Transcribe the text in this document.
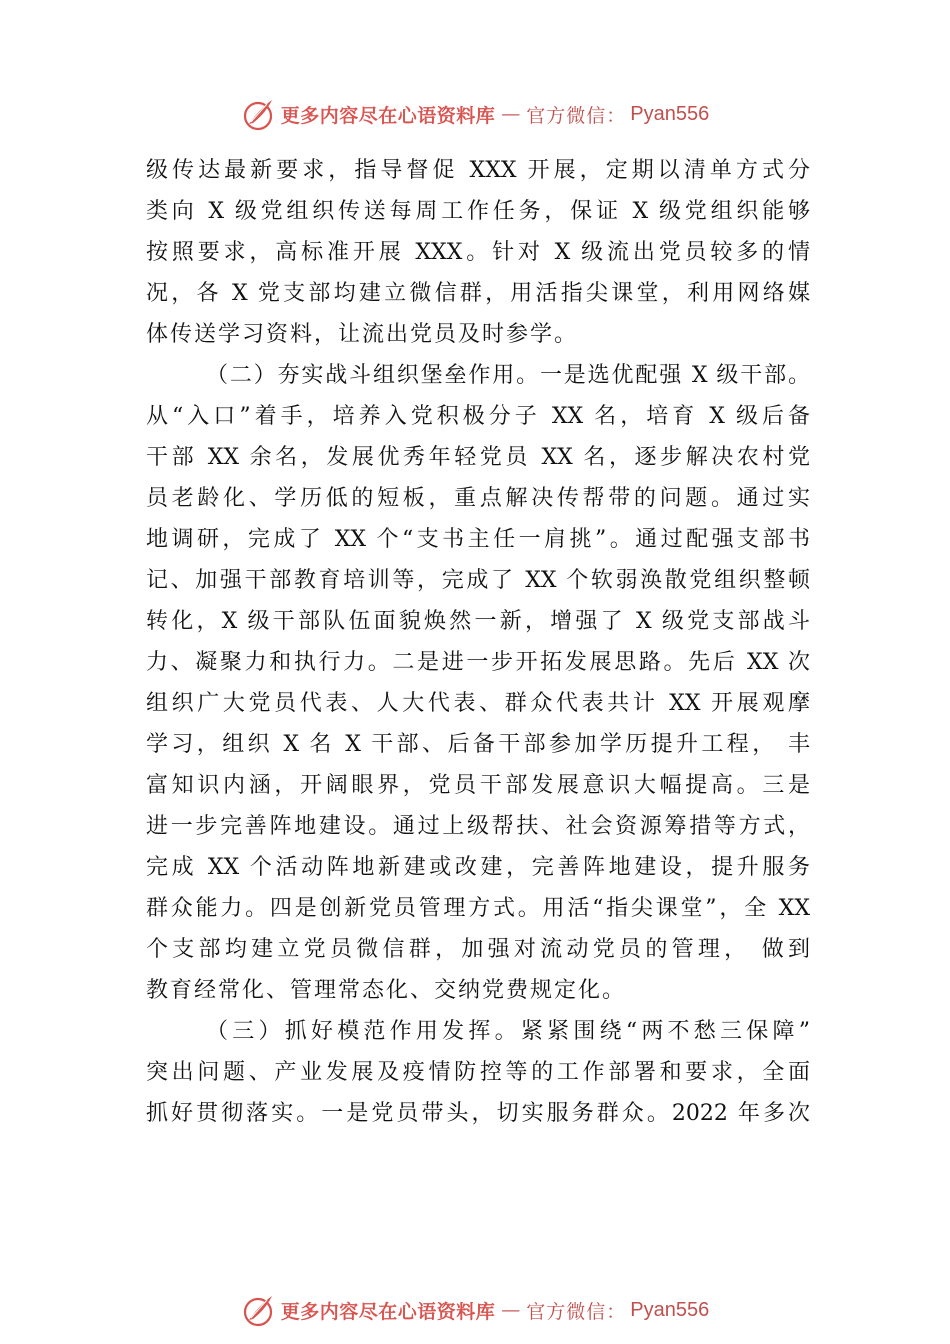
更多内容尽在心语资料库 — 官方微信： Pyan556
级传达最新要求，指导督促 XXX 开展，定期以清单方式分
类向 X 级党组织传送每周工作任务，保证 X 级党组织能够
按照要求，高标准开展 XXX。针对 X 级流出党员较多的情
况，各 X 党支部均建立微信群，用活指尖课堂，利用网络媒
体传送学习资料，让流出党员及时参学。
（二）夯实战斗组织堡垒作用。一是选优配强 X 级干部。
从“入口”着手，培养入党积极分子 XX 名，培育 X 级后备
干部 XX 余名，发展优秀年轻党员 XX 名，逐步解决农村党
员老龄化、学历低的短板，重点解决传帮带的问题。通过实
地调研，完成了 XX 个“支书主任一肩挑”。通过配强支部书
记、加强干部教育培训等，完成了 XX 个软弱涣散党组织整顿
转化，X 级干部队伍面貌焕然一新，增强了 X 级党支部战斗
力、凝聚力和执行力。二是进一步开拓发展思路。先后 XX 次
组织广大党员代表、人大代表、群众代表共计 XX 开展观摩
学习，组织 X 名 X 干部、后备干部参加学历提升工程， 丰
富知识内涵，开阔眼界，党员干部发展意识大幅提高。三是
进一步完善阵地建设。通过上级帮扶、社会资源筹措等方式，
完成 XX 个活动阵地新建或改建，完善阵地建设，提升服务
群众能力。四是创新党员管理方式。用活“指尖课堂”，全 XX
个支部均建立党员微信群，加强对流动党员的管理， 做到
教育经常化、管理常态化、交纳党费规定化。
（三）抓好模范作用发挥。紧紧围绕“两不愁三保障”
突出问题、产业发展及疫情防控等的工作部署和要求，全面
抓好贯彻落实。一是党员带头，切实服务群众。2022 年多次
更多内容尽在心语资料库 — 官方微信： Pyan556
